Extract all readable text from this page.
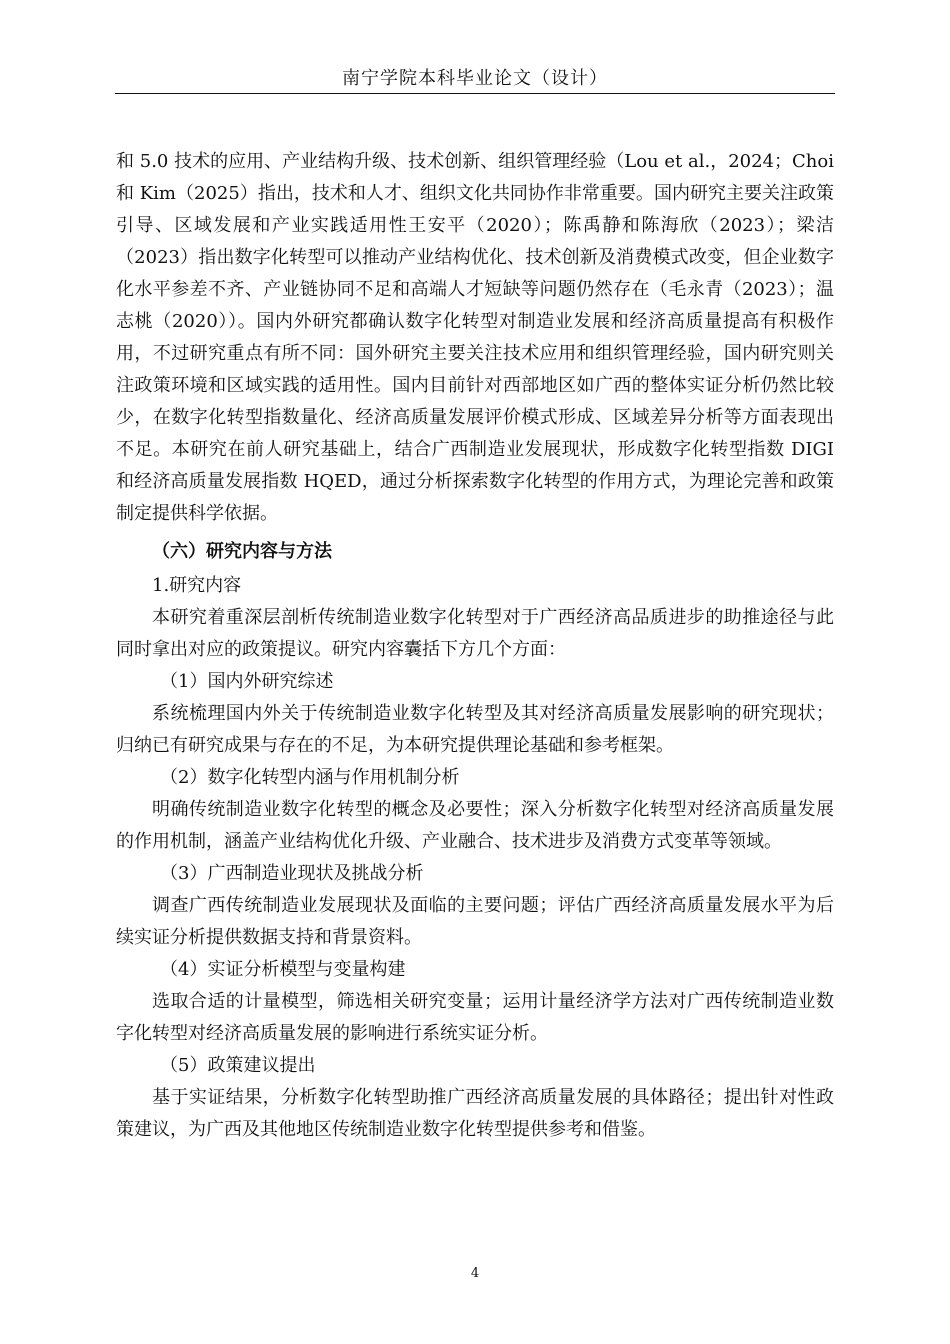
南宁学院本科毕业论文（设计）

和 5.0 技术的应用、产业结构升级、技术创新、组织管理经验（Lou et al.，2024；Choi 和 Kim（2025）指出，技术和人才、组织文化共同协作非常重要。国内研究主要关注政策引导、区域发展和产业实践适用性王安平（2020）；陈禹静和陈海欣（2023）；梁洁（2023）指出数字化转型可以推动产业结构优化、技术创新及消费模式改变，但企业数字化水平参差不齐、产业链协同不足和高端人才短缺等问题仍然存在（毛永青（2023）；温志桃（2020））。国内外研究都确认数字化转型对制造业发展和经济高质量提高有积极作用，不过研究重点有所不同：国外研究主要关注技术应用和组织管理经验，国内研究则关注政策环境和区域实践的适用性。国内目前针对西部地区如广西的整体实证分析仍然比较少，在数字化转型指数量化、经济高质量发展评价模式形成、区域差异分析等方面表现出不足。本研究在前人研究基础上，结合广西制造业发展现状，形成数字化转型指数 DIGI 和经济高质量发展指数 HQED，通过分析探索数字化转型的作用方式，为理论完善和政策制定提供科学依据。

（六）研究内容与方法

1.研究内容

本研究着重深层剖析传统制造业数字化转型对于广西经济高品质进步的助推途径与此同时拿出对应的政策提议。研究内容囊括下方几个方面：

（1）国内外研究综述

系统梳理国内外关于传统制造业数字化转型及其对经济高质量发展影响的研究现状；归纳已有研究成果与存在的不足，为本研究提供理论基础和参考框架。

（2）数字化转型内涵与作用机制分析

明确传统制造业数字化转型的概念及必要性；深入分析数字化转型对经济高质量发展的作用机制，涵盖产业结构优化升级、产业融合、技术进步及消费方式变革等领域。

（3）广西制造业现状及挑战分析

调查广西传统制造业发展现状及面临的主要问题；评估广西经济高质量发展水平为后续实证分析提供数据支持和背景资料。

（4）实证分析模型与变量构建

选取合适的计量模型，筛选相关研究变量；运用计量经济学方法对广西传统制造业数字化转型对经济高质量发展的影响进行系统实证分析。

（5）政策建议提出

基于实证结果，分析数字化转型助推广西经济高质量发展的具体路径；提出针对性政策建议，为广西及其他地区传统制造业数字化转型提供参考和借鉴。

4
